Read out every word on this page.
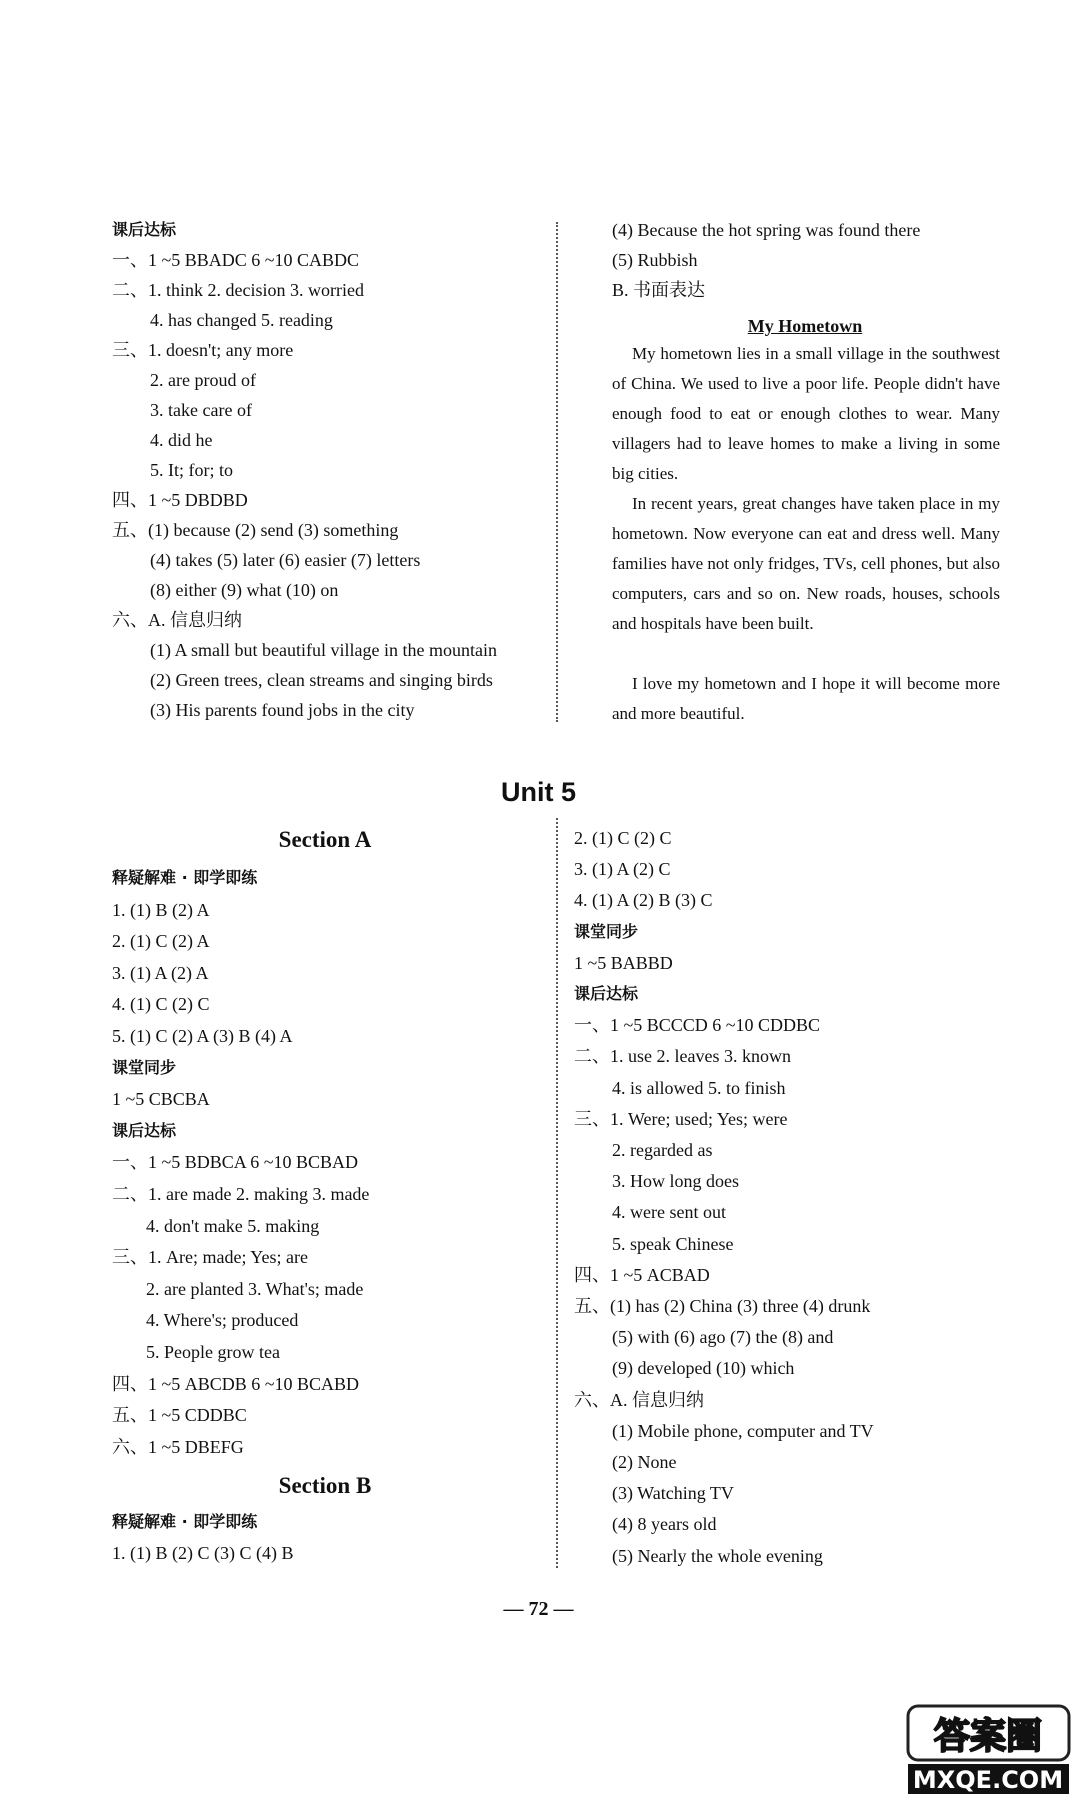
课后达标
一、1 ~5 BBADC 6 ~10 CABDC
二、1. think 2. decision 3. worried
4. has changed 5. reading
三、1. doesn't; any more
2. are proud of
3. take care of
4. did he
5. It; for; to
四、1 ~5 DBDBD
五、(1) because (2) send (3) something
(4) takes (5) later (6) easier (7) letters
(8) either (9) what (10) on
六、A. 信息归纳
(1) A small but beautiful village in the mountain
(2) Green trees, clean streams and singing birds
(3) His parents found jobs in the city
(4) Because the hot spring was found there
(5) Rubbish
B. 书面表达
My Hometown

My hometown lies in a small village in the southwest of China. We used to live a poor life. People didn't have enough food to eat or enough clothes to wear. Many villagers had to leave homes to make a living in some big cities.

In recent years, great changes have taken place in my hometown. Now everyone can eat and dress well. Many families have not only fridges, TVs, cell phones, but also computers, cars and so on. New roads, houses, schools and hospitals have been built.

I love my hometown and I hope it will become more and more beautiful.

Unit 5
Section A
释疑解难 · 即学即练
1. (1) B (2) A
2. (1) C (2) A
3. (1) A (2) A
4. (1) C (2) C
5. (1) C (2) A (3) B (4) A
课堂同步
1 ~5 CBCBA
课后达标
一、1 ~5 BDBCA 6 ~10 BCBAD
二、1. are made 2. making 3. made
4. don't make 5. making
三、1. Are; made; Yes; are
2. are planted 3. What's; made
4. Where's; produced
5. People grow tea
四、1 ~5 ABCDB 6 ~10 BCABD
五、1 ~5 CDDBC
六、1 ~5 DBEFG
Section B
释疑解难 · 即学即练
1. (1) B (2) C (3) C (4) B
2. (1) C (2) C
3. (1) A (2) C
4. (1) A (2) B (3) C
课堂同步
1 ~5 BABBD
课后达标
一、1 ~5 BCCCD 6 ~10 CDDBC
二、1. use 2. leaves 3. known
4. is allowed 5. to finish
三、1. Were; used; Yes; were
2. regarded as
3. How long does
4. were sent out
5. speak Chinese
四、1 ~5 ACBAD
五、(1) has (2) China (3) three (4) drunk
(5) with (6) ago (7) the (8) and
(9) developed (10) which
六、A. 信息归纳
(1) Mobile phone, computer and TV
(2) None
(3) Watching TV
(4) 8 years old
(5) Nearly the whole evening
— 72 —
答案圈
MXQE.COM
